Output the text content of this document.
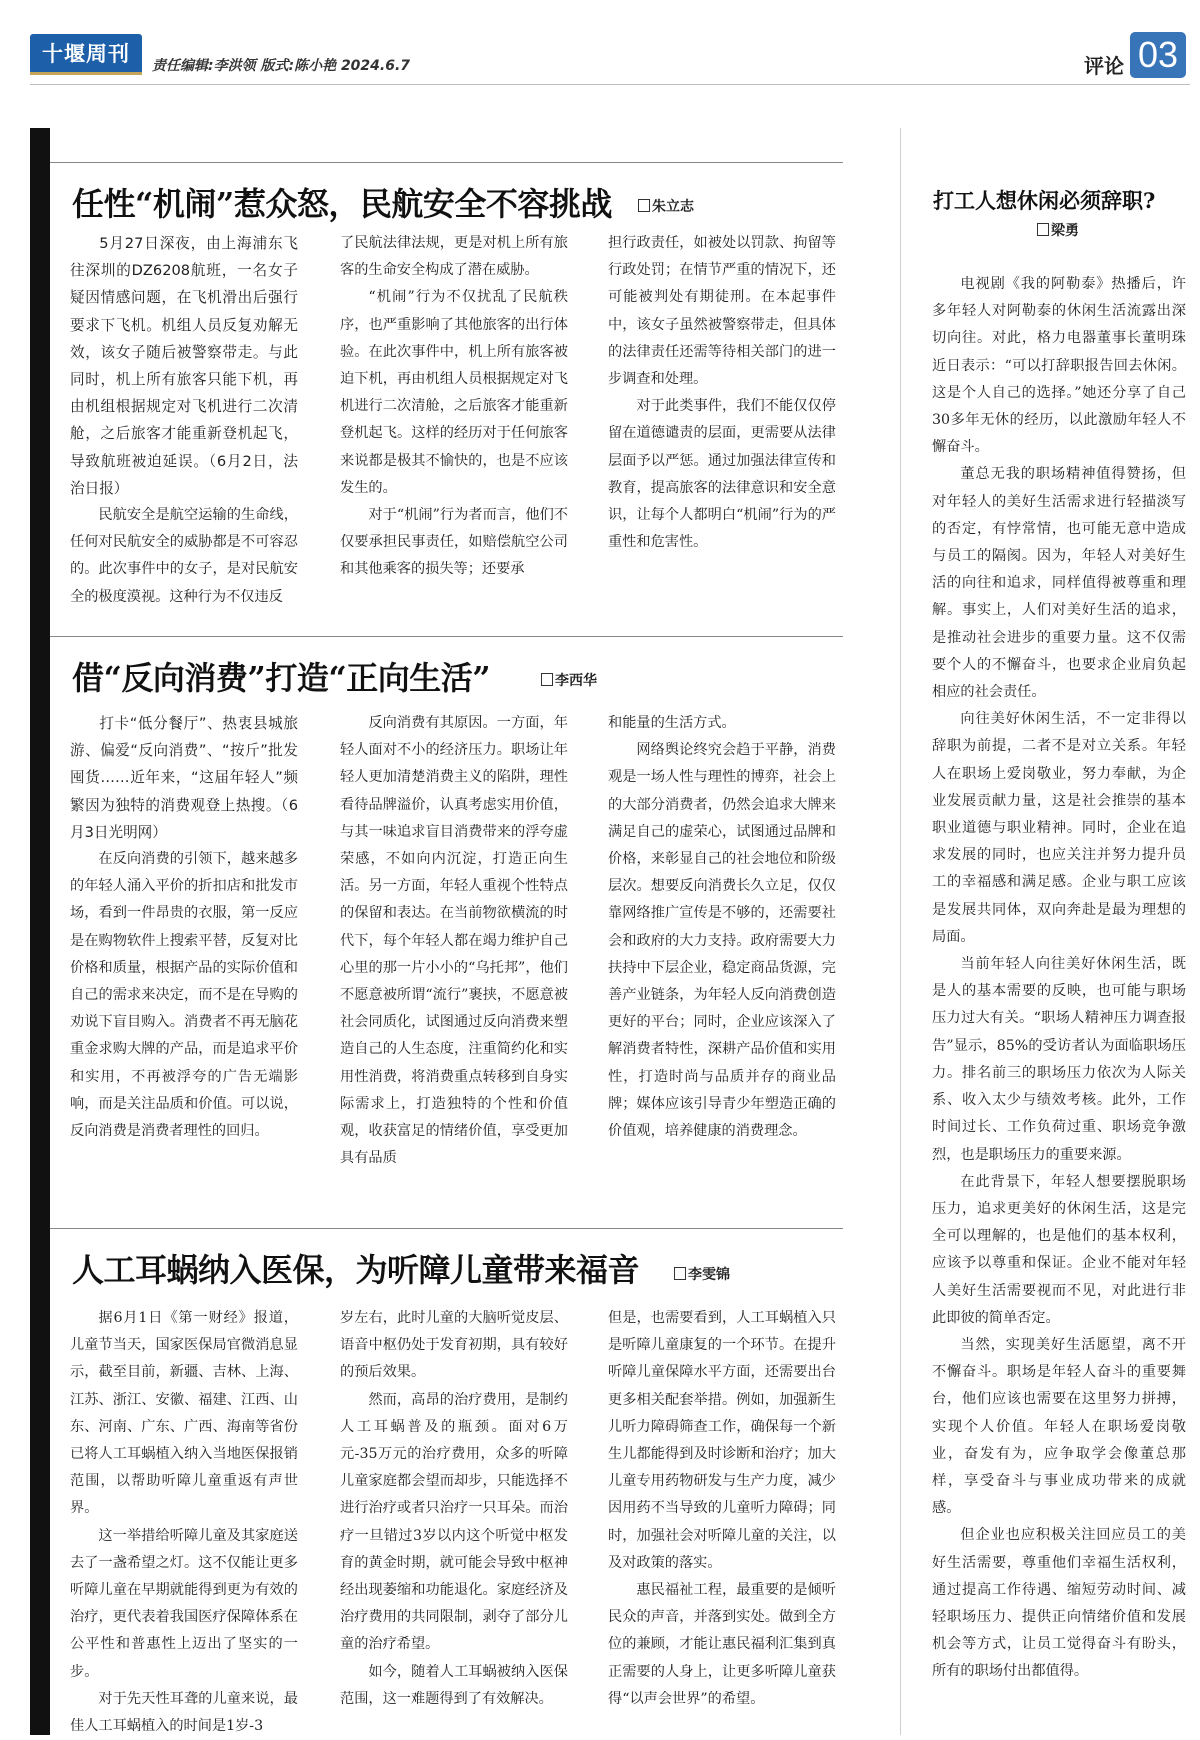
十堰周刊	责任编辑:李洪领 版式:陈小艳 2024.6.7	评论 03
任性“机闹”惹众怒，民航安全不容挑战	朱立志

5月27日深夜，由上海浦东飞往深圳的DZ6208航班，一名女子疑因情感问题，在飞机滑出后强行要求下飞机。机组人员反复劝解无效，该女子随后被警察带走。与此同时，机上所有旅客只能下机，再由机组根据规定对飞机进行二次清舱，之后旅客才能重新登机起飞，导致航班被迫延误。（6月2日，法治日报）

民航安全是航空运输的生命线，任何对民航安全的威胁都是不可容忍的。此次事件中的女子，是对民航安全的极度漠视。这种行为不仅违反

了民航法律法规，更是对机上所有旅客的生命安全构成了潜在威胁。

“机闹”行为不仅扰乱了民航秩序，也严重影响了其他旅客的出行体验。在此次事件中，机上所有旅客被迫下机，再由机组人员根据规定对飞机进行二次清舱，之后旅客才能重新登机起飞。这样的经历对于任何旅客来说都是极其不愉快的，也是不应该发生的。

对于“机闹”行为者而言，他们不仅要承担民事责任，如赔偿航空公司和其他乘客的损失等；还要承

担行政责任，如被处以罚款、拘留等行政处罚；在情节严重的情况下，还可能被判处有期徒刑。在本起事件中，该女子虽然被警察带走，但具体的法律责任还需等待相关部门的进一步调查和处理。

对于此类事件，我们不能仅仅停留在道德谴责的层面，更需要从法律层面予以严惩。通过加强法律宣传和教育，提高旅客的法律意识和安全意识，让每个人都明白“机闹”行为的严重性和危害性。

借“反向消费”打造“正向生活”	李西华

打卡“低分餐厅”、热衷县城旅游、偏爱“反向消费”、“按斤”批发囤货……近年来，“这届年轻人”频繁因为独特的消费观登上热搜。（6月3日光明网）

在反向消费的引领下，越来越多的年轻人涌入平价的折扣店和批发市场，看到一件昂贵的衣服，第一反应是在购物软件上搜索平替，反复对比价格和质量，根据产品的实际价值和自己的需求来决定，而不是在导购的劝说下盲目购入。消费者不再无脑花重金求购大牌的产品，而是追求平价和实用，不再被浮夸的广告无端影响，而是关注品质和价值。可以说，反向消费是消费者理性的回归。

反向消费有其原因。一方面，年轻人面对不小的经济压力。职场让年轻人更加清楚消费主义的陷阱，理性看待品牌溢价，认真考虑实用价值，与其一味追求盲目消费带来的浮夸虚荣感，不如向内沉淀，打造正向生活。另一方面，年轻人重视个性特点的保留和表达。在当前物欲横流的时代下，每个年轻人都在竭力维护自己心里的那一片小小的“乌托邦”，他们不愿意被所谓“流行”裹挟，不愿意被社会同质化，试图通过反向消费来塑造自己的人生态度，注重简约化和实用性消费，将消费重点转移到自身实际需求上，打造独特的个性和价值观，收获富足的情绪价值，享受更加具有品质

和能量的生活方式。

网络舆论终究会趋于平静，消费观是一场人性与理性的博弈，社会上的大部分消费者，仍然会追求大牌来满足自己的虚荣心，试图通过品牌和价格，来彰显自己的社会地位和阶级层次。想要反向消费长久立足，仅仅靠网络推广宣传是不够的，还需要社会和政府的大力支持。政府需要大力扶持中下层企业，稳定商品货源，完善产业链条，为年轻人反向消费创造更好的平台；同时，企业应该深入了解消费者特性，深耕产品价值和实用性，打造时尚与品质并存的商业品牌；媒体应该引导青少年塑造正确的价值观，培养健康的消费理念。

人工耳蜗纳入医保，为听障儿童带来福音	李雯锦

据6月1日《第一财经》报道，儿童节当天，国家医保局官微消息显示，截至目前，新疆、吉林、上海、江苏、浙江、安徽、福建、江西、山东、河南、广东、广西、海南等省份已将人工耳蜗植入纳入当地医保报销范围，以帮助听障儿童重返有声世界。

这一举措给听障儿童及其家庭送去了一盏希望之灯。这不仅能让更多听障儿童在早期就能得到更为有效的治疗，更代表着我国医疗保障体系在公平性和普惠性上迈出了坚实的一步。

对于先天性耳聋的儿童来说，最佳人工耳蜗植入的时间是1岁-3

岁左右，此时儿童的大脑听觉皮层、语音中枢仍处于发育初期，具有较好的预后效果。

然而，高昂的治疗费用，是制约人工耳蜗普及的瓶颈。面对6万元-35万元的治疗费用，众多的听障儿童家庭都会望而却步，只能选择不进行治疗或者只治疗一只耳朵。而治疗一旦错过3岁以内这个听觉中枢发育的黄金时期，就可能会导致中枢神经出现萎缩和功能退化。家庭经济及治疗费用的共同限制，剥夺了部分儿童的治疗希望。

如今，随着人工耳蜗被纳入医保范围，这一难题得到了有效解决。

但是，也需要看到，人工耳蜗植入只是听障儿童康复的一个环节。在提升听障儿童保障水平方面，还需要出台更多相关配套举措。例如，加强新生儿听力障碍筛查工作，确保每一个新生儿都能得到及时诊断和治疗；加大儿童专用药物研发与生产力度，减少因用药不当导致的儿童听力障碍；同时，加强社会对听障儿童的关注，以及对政策的落实。

惠民福祉工程，最重要的是倾听民众的声音，并落到实处。做到全方位的兼顾，才能让惠民福利汇集到真正需要的人身上，让更多听障儿童获得“以声会世界”的希望。

打工人想休闲必须辞职?
梁勇

电视剧《我的阿勒泰》热播后，许多年轻人对阿勒泰的休闲生活流露出深切向往。对此，格力电器董事长董明珠近日表示：“可以打辞职报告回去休闲。这是个人自己的选择。”她还分享了自己30多年无休的经历，以此激励年轻人不懈奋斗。

董总无我的职场精神值得赞扬，但对年轻人的美好生活需求进行轻描淡写的否定，有悖常情，也可能无意中造成与员工的隔阂。因为，年轻人对美好生活的向往和追求，同样值得被尊重和理解。事实上，人们对美好生活的追求，是推动社会进步的重要力量。这不仅需要个人的不懈奋斗，也要求企业肩负起相应的社会责任。

向往美好休闲生活，不一定非得以辞职为前提，二者不是对立关系。年轻人在职场上爱岗敬业，努力奉献，为企业发展贡献力量，这是社会推崇的基本职业道德与职业精神。同时，企业在追求发展的同时，也应关注并努力提升员工的幸福感和满足感。企业与职工应该是发展共同体，双向奔赴是最为理想的局面。

当前年轻人向往美好休闲生活，既是人的基本需要的反映，也可能与职场压力过大有关。“职场人精神压力调查报告”显示，85%的受访者认为面临职场压力。排名前三的职场压力依次为人际关系、收入太少与绩效考核。此外，工作时间过长、工作负荷过重、职场竞争激烈，也是职场压力的重要来源。

在此背景下，年轻人想要摆脱职场压力，追求更美好的休闲生活，这是完全可以理解的，也是他们的基本权利，应该予以尊重和保证。企业不能对年轻人美好生活需要视而不见，对此进行非此即彼的简单否定。

当然，实现美好生活愿望，离不开不懈奋斗。职场是年轻人奋斗的重要舞台，他们应该也需要在这里努力拼搏，实现个人价值。年轻人在职场爱岗敬业，奋发有为，应争取学会像董总那样，享受奋斗与事业成功带来的成就感。

但企业也应积极关注回应员工的美好生活需要，尊重他们幸福生活权利，通过提高工作待遇、缩短劳动时间、减轻职场压力、提供正向情绪价值和发展机会等方式，让员工觉得奋斗有盼头，所有的职场付出都值得。
